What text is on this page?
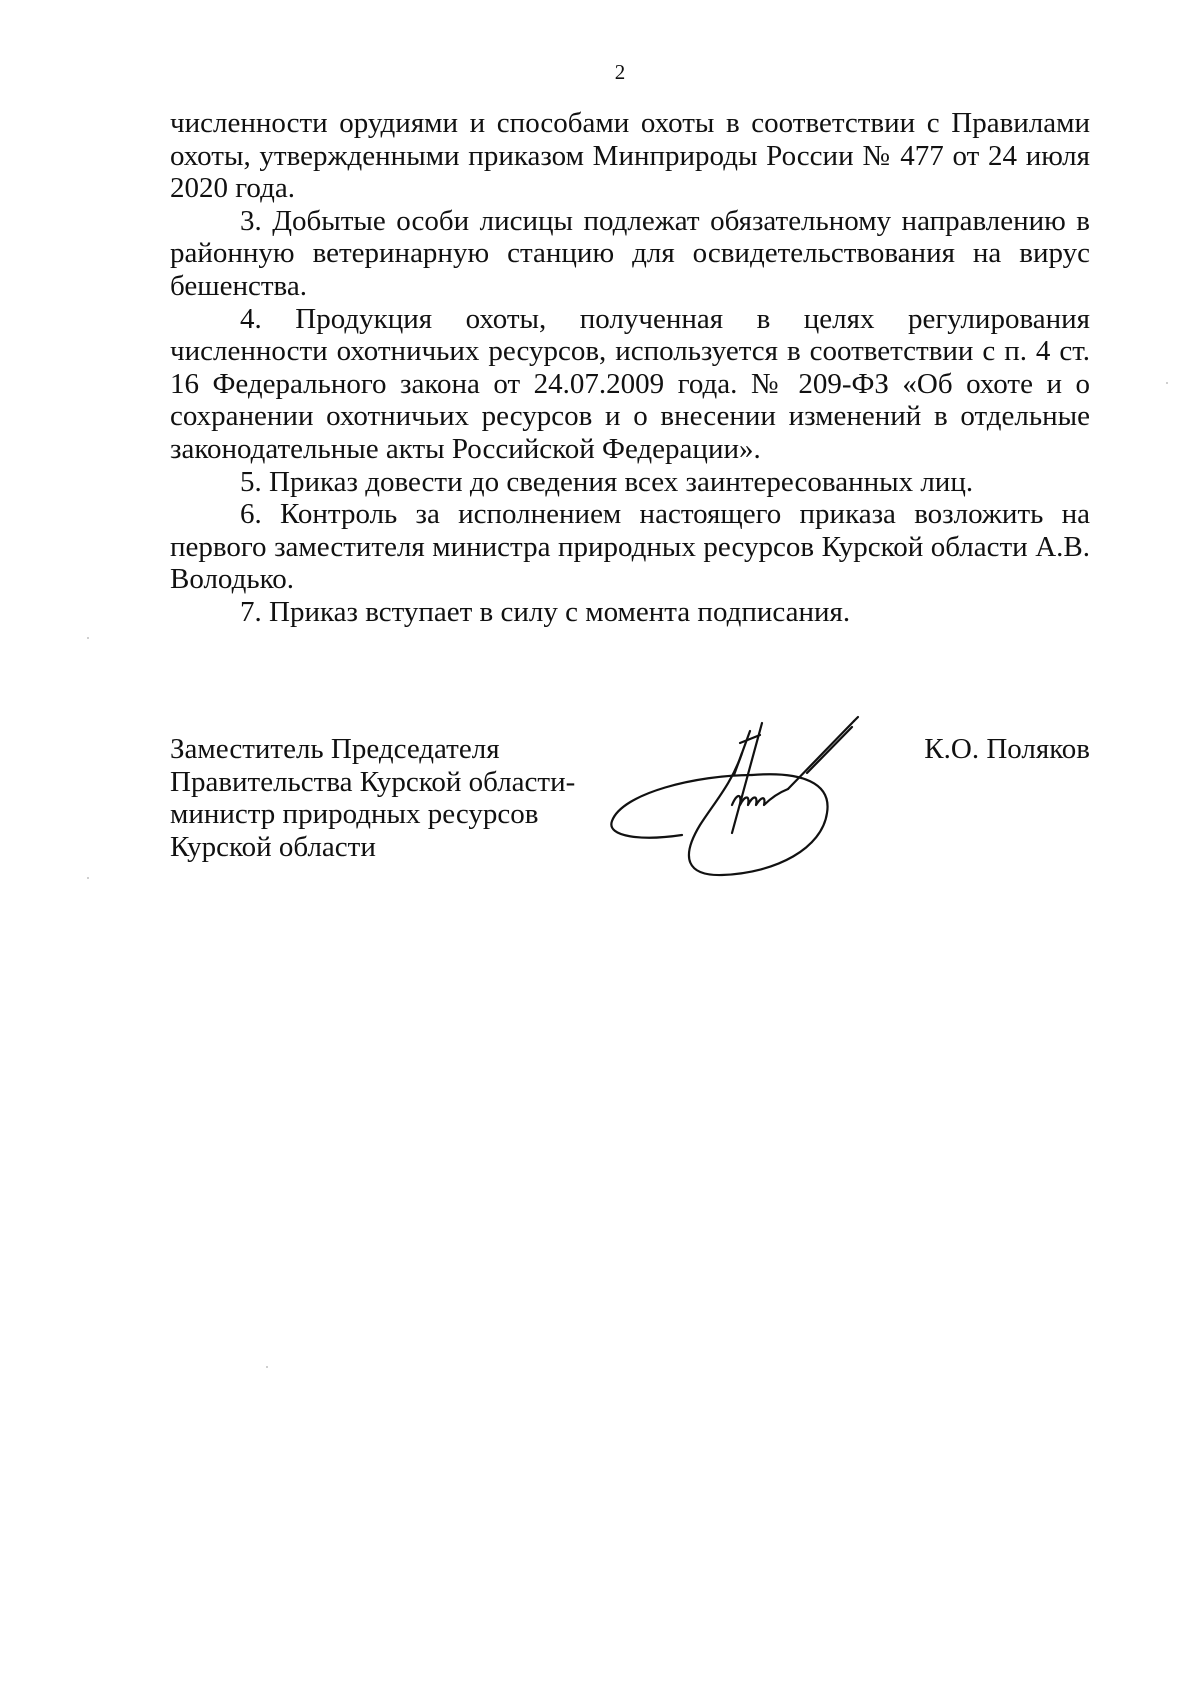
2

численности орудиями и способами охоты в соответствии с Правилами охоты, утвержденными приказом Минприроды России № 477 от 24 июля 2020 года.

3. Добытые особи лисицы подлежат обязательному направлению в районную ветеринарную станцию для освидетельствования на вирус бешенства.

4. Продукция охоты, полученная в целях регулирования численности охотничьих ресурсов, используется в соответствии с п. 4 ст. 16 Федерального закона от 24.07.2009 года. № 209-ФЗ «Об охоте и о сохранении охотничьих ресурсов и о внесении изменений в отдельные законодательные акты Российской Федерации».

5. Приказ довести до сведения всех заинтересованных лиц.

6. Контроль за исполнением настоящего приказа возложить на первого заместителя министра природных ресурсов Курской области А.В. Володько.

7. Приказ вступает в силу с момента подписания.

Заместитель Председателя
Правительства Курской области-
министр природных ресурсов
Курской области
К.О. Поляков
